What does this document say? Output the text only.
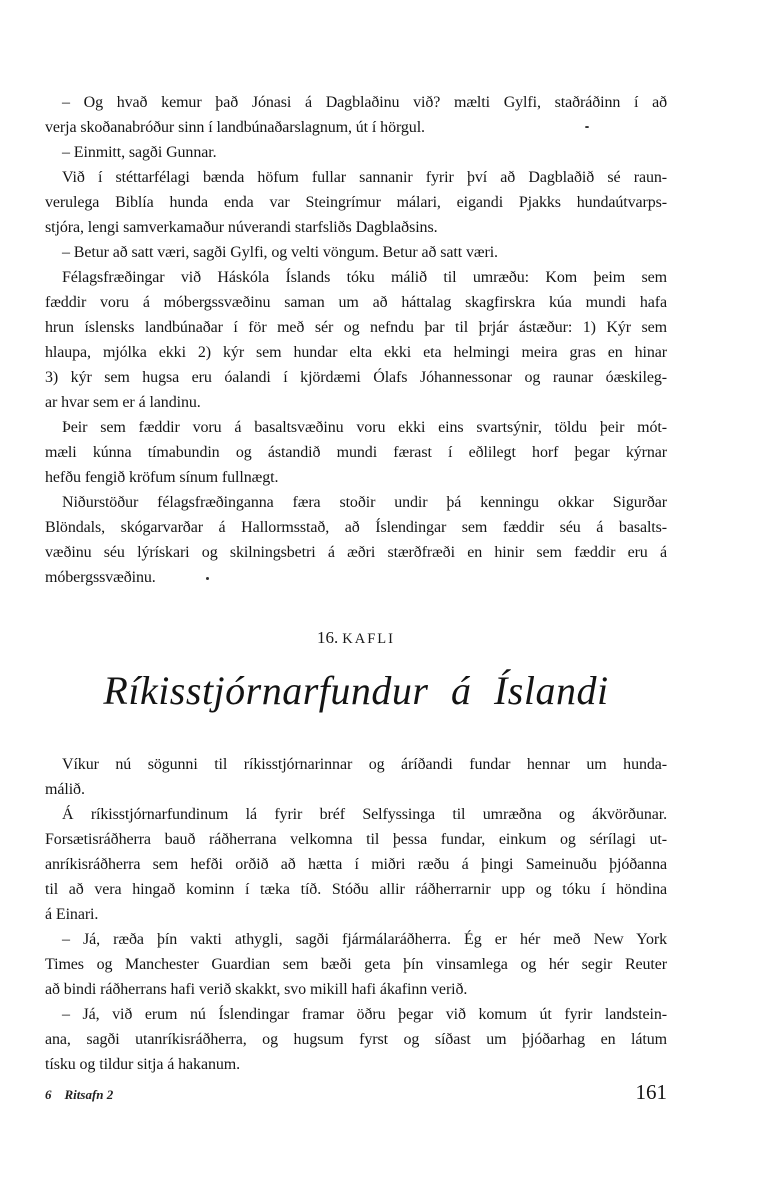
– Og hvað kemur það Jónasi á Dagblaðinu við? mælti Gylfi, staðráðinn í að
verja skoðanabróður sinn í landbúnaðarslagnum, út í hörgul.
– Einmitt, sagði Gunnar.
Við í stéttarfélagi bænda höfum fullar sannanir fyrir því að Dagblaðið sé raun-
verulega Biblía hunda enda var Steingrímur málari, eigandi Pjakks hundaútvarps-
stjóra, lengi samverkamaður núverandi starfsliðs Dagblaðsins.
– Betur að satt væri, sagði Gylfi, og velti vöngum. Betur að satt væri.
Félagsfræðingar við Háskóla Íslands tóku málið til umræðu: Kom þeim sem
fæddir voru á móbergssvæðinu saman um að háttalag skagfirskra kúa mundi hafa
hrun íslensks landbúnaðar í för með sér og nefndu þar til þrjár ástæður: 1) Kýr sem
hlaupa, mjólka ekki 2) kýr sem hundar elta ekki eta helmingi meira gras en hinar
3) kýr sem hugsa eru óalandi í kjördæmi Ólafs Jóhannessonar og raunar óæskileg-
ar hvar sem er á landinu.
Þeir sem fæddir voru á basaltsvæðinu voru ekki eins svartsýnir, töldu þeir mót-
mæli kúnna tímabundin og ástandið mundi færast í eðlilegt horf þegar kýrnar
hefðu fengið kröfum sínum fullnægt.
Niðurstöður félagsfræðinganna færa stoðir undir þá kenningu okkar Sigurðar
Blöndals, skógarvarðar á Hallormsstað, að Íslendingar sem fæddir séu á basalts-
væðinu séu lýrískari og skilningsbetri á æðri stærðfræði en hinir sem fæddir eru á
móbergssvæðinu.
16. KAFLI
Ríkisstjórnarfundur á Íslandi
Víkur nú sögunni til ríkisstjórnarinnar og áríðandi fundar hennar um hunda-
málið.
Á ríkisstjórnarfundinum lá fyrir bréf Selfyssinga til umræðna og ákvörðunar.
Forsætisráðherra bauð ráðherrana velkomna til þessa fundar, einkum og sérílagi ut-
anríkisráðherra sem hefði orðið að hætta í miðri ræðu á þingi Sameinuðu þjóðanna
til að vera hingað kominn í tæka tíð. Stóðu allir ráðherrarnir upp og tóku í höndina
á Einari.
– Já, ræða þín vakti athygli, sagði fjármálaráðherra. Ég er hér með New York
Times og Manchester Guardian sem bæði geta þín vinsamlega og hér segir Reuter
að bindi ráðherrans hafi verið skakkt, svo mikill hafi ákafinn verið.
– Já, við erum nú Íslendingar framar öðru þegar við komum út fyrir landstein-
ana, sagði utanríkisráðherra, og hugsum fyrst og síðast um þjóðarhag en látum
tísku og tildur sitja á hakanum.
6 Ritsafn 2	161
